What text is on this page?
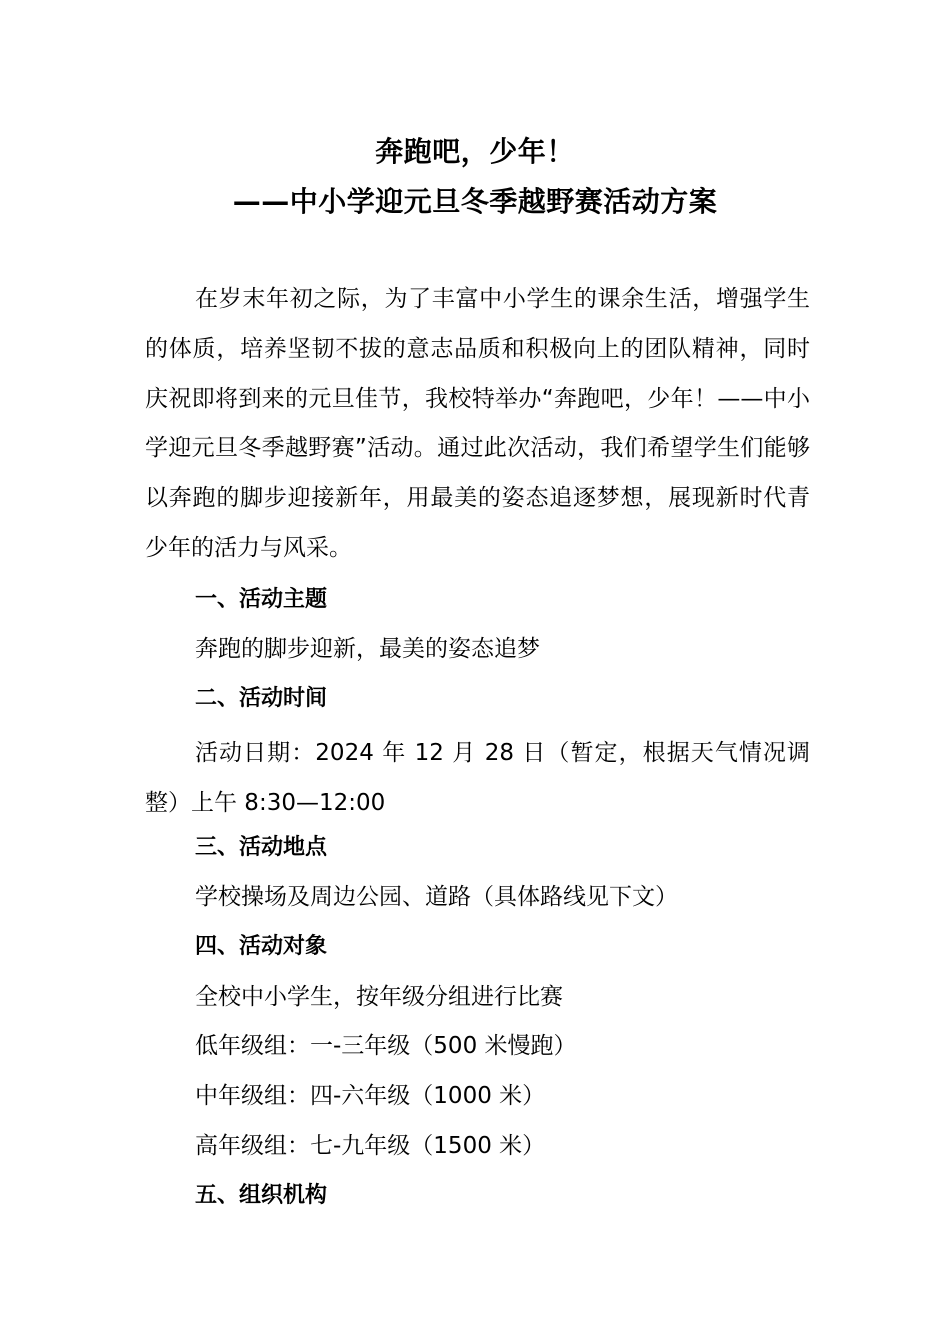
奔跑吧，少年！
——中小学迎元旦冬季越野赛活动方案

在岁末年初之际，为了丰富中小学生的课余生活，增强学生的体质，培养坚韧不拔的意志品质和积极向上的团队精神，同时庆祝即将到来的元旦佳节，我校特举办“奔跑吧，少年！——中小学迎元旦冬季越野赛”活动。通过此次活动，我们希望学生们能够以奔跑的脚步迎接新年，用最美的姿态追逐梦想，展现新时代青少年的活力与风采。

一、活动主题
奔跑的脚步迎新，最美的姿态追梦
二、活动时间

活动日期：2024 年 12 月 28 日（暂定，根据天气情况调整）上午 8:30—12:00

三、活动地点
学校操场及周边公园、道路（具体路线见下文）
四、活动对象
全校中小学生，按年级分组进行比赛
低年级组：一-三年级（500 米慢跑）
中年级组：四-六年级（1000 米）
高年级组：七-九年级（1500 米）
五、组织机构
